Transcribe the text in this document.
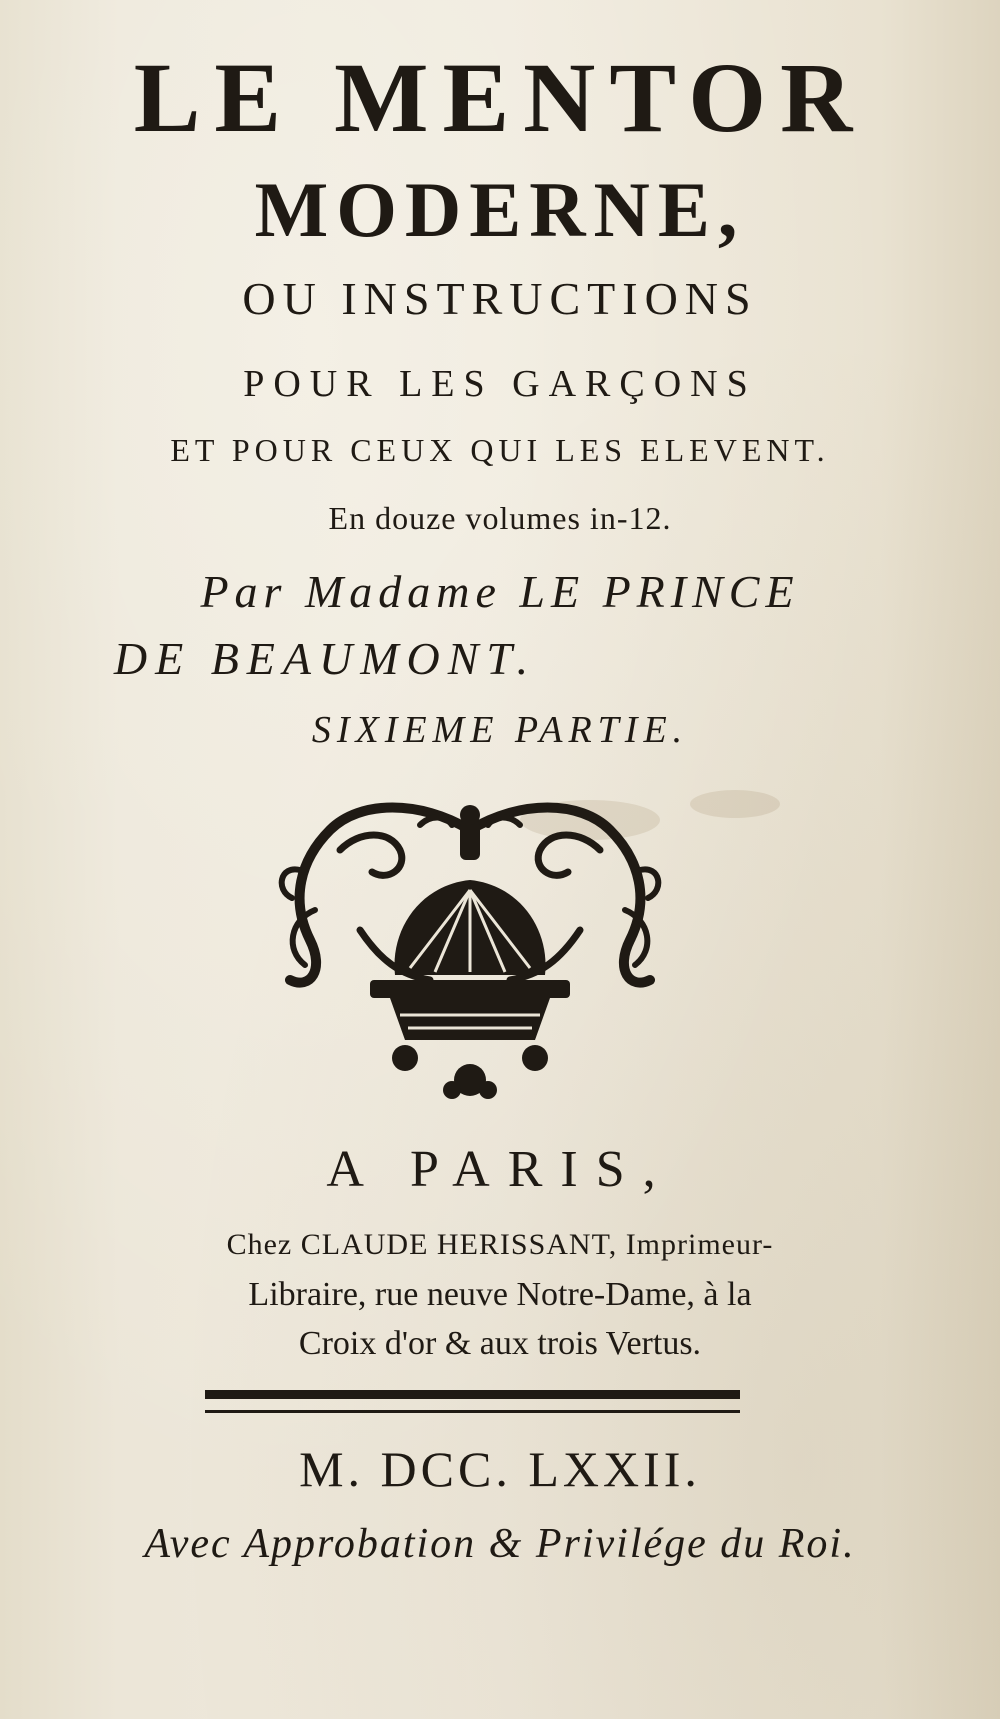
LE MENTOR

MODERNE,

OU INSTRUCTIONS

POUR LES GARÇONS

ET POUR CEUX QUI LES ELEVENT.

En douze volumes in-12.

Par Madame LE PRINCE

DE BEAUMONT.

SIXIEME PARTIE.

A PARIS,

Chez CLAUDE HERISSANT, Imprimeur-

Libraire, rue neuve Notre-Dame, à la

Croix d'or & aux trois Vertus.

M. DCC. LXXII.

Avec Approbation & Privilége du Roi.
